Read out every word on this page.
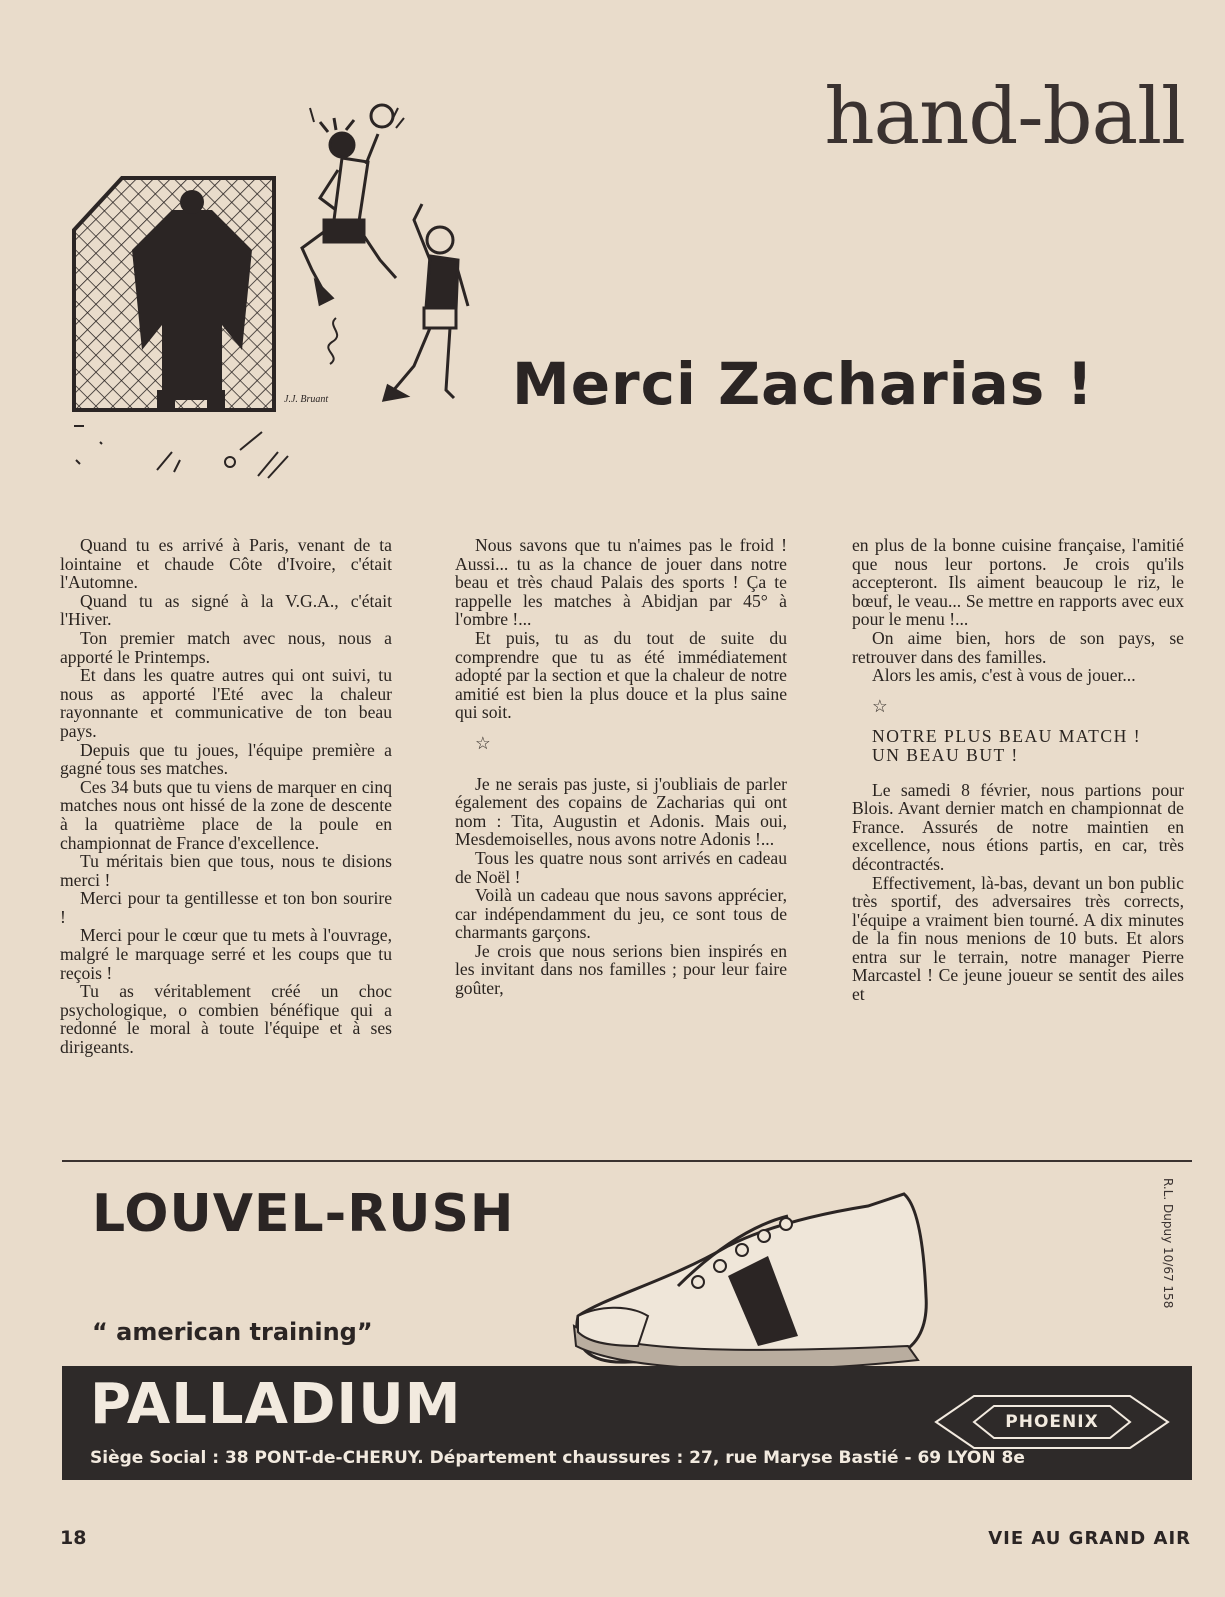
hand-ball
J.J. Bruant	Merci Zacharias !

Quand tu es arrivé à Paris, venant de ta lointaine et chaude Côte d'Ivoire, c'était l'Automne.

Quand tu as signé à la V.G.A., c'était l'Hiver.

Ton premier match avec nous, nous a apporté le Printemps.

Et dans les quatre autres qui ont suivi, tu nous as apporté l'Eté avec la chaleur rayonnante et communicative de ton beau pays.

Depuis que tu joues, l'équipe première a gagné tous ses matches.

Ces 34 buts que tu viens de marquer en cinq matches nous ont hissé de la zone de descente à la quatrième place de la poule en championnat de France d'excellence.

Tu méritais bien que tous, nous te disions merci !

Merci pour ta gentillesse et ton bon sourire !

Merci pour le cœur que tu mets à l'ouvrage, malgré le marquage serré et les coups que tu reçois !

Tu as véritablement créé un choc psychologique, o combien bénéfique qui a redonné le moral à toute l'équipe et à ses dirigeants.

Nous savons que tu n'aimes pas le froid ! Aussi... tu as la chance de jouer dans notre beau et très chaud Palais des sports ! Ça te rappelle les matches à Abidjan par 45° à l'ombre !...

Et puis, tu as du tout de suite du comprendre que tu as été immédiatement adopté par la section et que la chaleur de notre amitié est bien la plus douce et la plus saine qui soit.

☆

Je ne serais pas juste, si j'oubliais de parler également des copains de Zacharias qui ont nom : Tita, Augustin et Adonis. Mais oui, Mesdemoiselles, nous avons notre Adonis !...

Tous les quatre nous sont arrivés en cadeau de Noël !

Voilà un cadeau que nous savons apprécier, car indépendamment du jeu, ce sont tous de charmants garçons.

Je crois que nous serions bien inspirés en les invitant dans nos familles ; pour leur faire goûter,

en plus de la bonne cuisine française, l'amitié que nous leur portons. Je crois qu'ils accepteront. Ils aiment beaucoup le riz, le bœuf, le veau... Se mettre en rapports avec eux pour le menu !...

On aime bien, hors de son pays, se retrouver dans des familles.

Alors les amis, c'est à vous de jouer...

☆

NOTRE PLUS BEAU MATCH !

UN BEAU BUT !

Le samedi 8 février, nous partions pour Blois. Avant dernier match en championnat de France. Assurés de notre maintien en excellence, nous étions partis, en car, très décontractés.

Effectivement, là-bas, devant un bon public très sportif, des adversaires très corrects, l'équipe a vraiment bien tourné. A dix minutes de la fin nous menions de 10 buts. Et alors entra sur le terrain, notre manager Pierre Marcastel ! Ce jeune joueur se sentit des ailes et

LOUVEL-RUSH
“ american training”
R.L. Dupuy 10/67 158
PALLADIUM	PHOENIX
Siège Social : 38 PONT-de-CHERUY. Département chaussures : 27, rue Maryse Bastié - 69 LYON 8e
18	VIE AU GRAND AIR
